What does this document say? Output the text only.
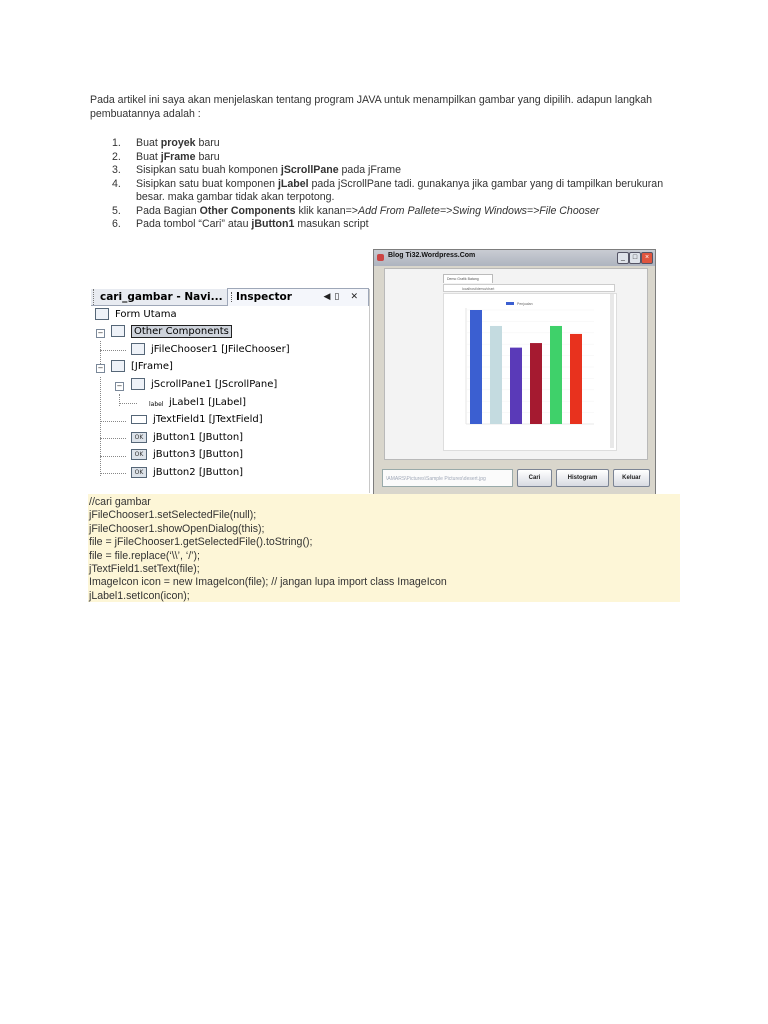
Pada artikel ini saya akan menjelaskan tentang program JAVA untuk menampilkan gambar yang dipilih. adapun langkah pembuatannya adalah :
1. Buat proyek baru
2. Buat jFrame baru
3. Sisipkan satu buah komponen jScrollPane pada jFrame
4. Sisipkan satu buat komponen jLabel pada jScrollPane tadi. gunakanya jika gambar yang di tampilkan berukuran besar. maka gambar tidak akan terpotong.
5. Pada Bagian Other Components klik kanan=>Add From Pallete=>Swing Windows=>File Chooser
6. Pada tombol “Cari” atau jButton1 masukan script
cari_gambar - Navi...	Inspector	◀▯ ✕
Form Utama
−	Other Components
jFileChooser1 [JFileChooser]
−	[JFrame]
−	jScrollPane1 [JScrollPane]
label jLabel1 [JLabel]
jTextField1 [JTextField]
OK jButton1 [JButton]
OK jButton3 [JButton]
OK jButton2 [JButton]
Blog Ti32.Wordpress.Com	_	□	×
Demo Grafik Batang
localhost/demo/chart
Penjualan
\AMARS\Pictures\Sample Pictures\desert.jpg	Cari	Histogram	Keluar
//cari gambar
jFileChooser1.setSelectedFile(null);
jFileChooser1.showOpenDialog(this);
file = jFileChooser1.getSelectedFile().toString();
file = file.replace(‘\\’, ‘/’);
jTextField1.setText(file);
ImageIcon icon = new ImageIcon(file); // jangan lupa import class ImageIcon
jLabel1.setIcon(icon);
